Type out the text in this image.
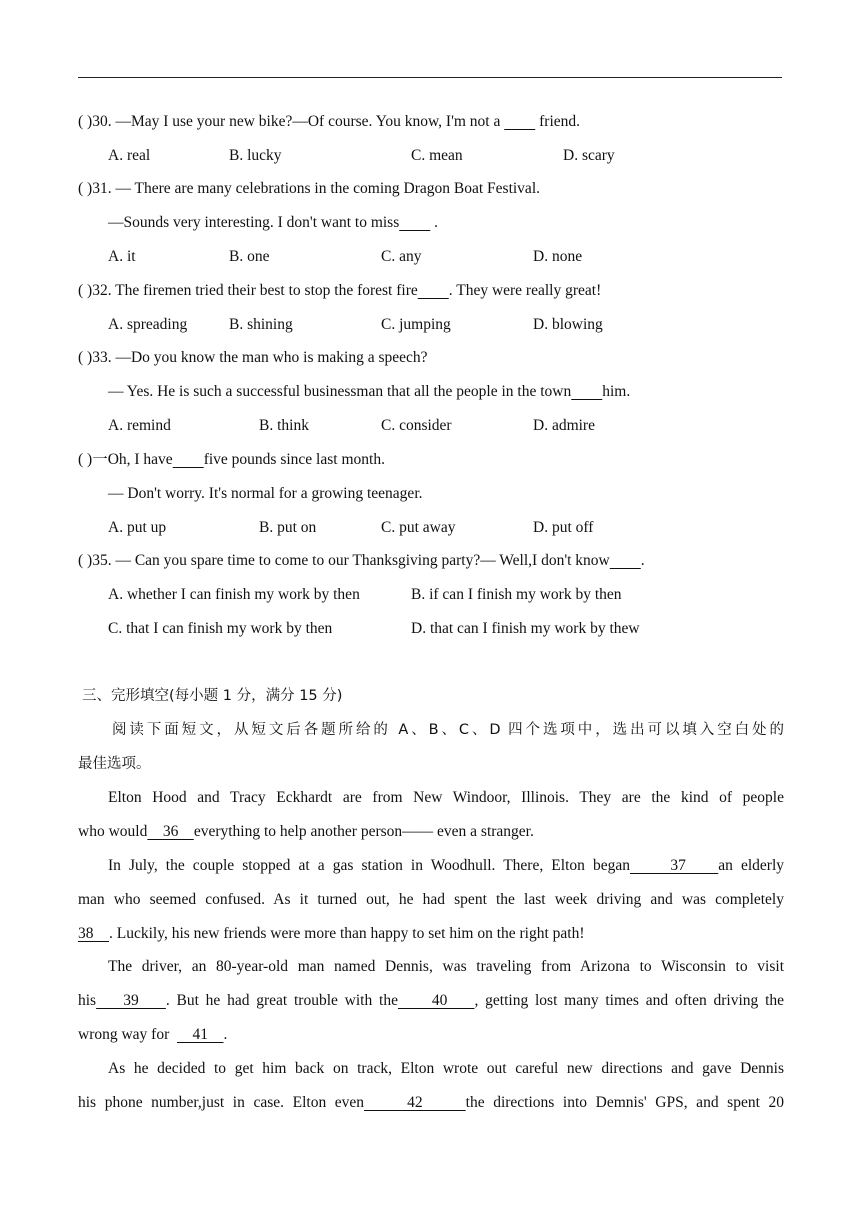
( )30. —May I use your new bike?—Of course. You know, I'm not a          friend.
A. real	B. lucky	C. mean	D. scary
( )31. — There are many celebrations in the coming Dragon Boat Festival.
—Sounds very interesting. I don't want to miss         .
A. it	B. one	C. any	D. none
( )32. The firemen tried their best to stop the forest fire . They were really great!
A. spreading	B. shining	C. jumping	D. blowing
( )33. —Do you know the man who is making a speech?
— Yes. He is such a successful businessman that all the people in the town him.
A. remind	B. think	C. consider	D. admire
( )一Oh, I have five pounds since last month.
— Don't worry. It's normal for a growing teenager.
A. put up	B. put on	C. put away	D. put off
( )35. — Can you spare time to come to our Thanksgiving party?— Well,I don't know .
A. whether I can finish my work by then	B. if can I finish my work by then
C. that I can finish my work by then	D. that can I finish my work by thew
三、完形填空(每小题 1 分，满分 15 分)
阅读下面短文，从短文后各题所给的 A、B、C、D 四个选项中，选出可以填入空白处的
最佳选项。
Elton Hood and Tracy Eckhardt are from New Windoor, Illinois. They are the kind of people
who would    36    everything to help another person—— even a stranger.
In July, the couple stopped at a gas station in Woodhull. There, Elton began     37    an elderly
man who seemed confused. As it turned out, he had spent the last week driving and was completely
38    . Luckily, his new friends were more than happy to set him on the right path!
The driver, an 80-year-old man named Dennis, was traveling from Arizona to Wisconsin to visit
his    39    . But he had great trouble with the     40    , getting lost many times and often driving the
wrong way for      41    .
As he decided to get him back on track, Elton wrote out careful new directions and gave Dennis
his phone number,just in case. Elton even     42     the directions into Demnis' GPS, and spent 20
